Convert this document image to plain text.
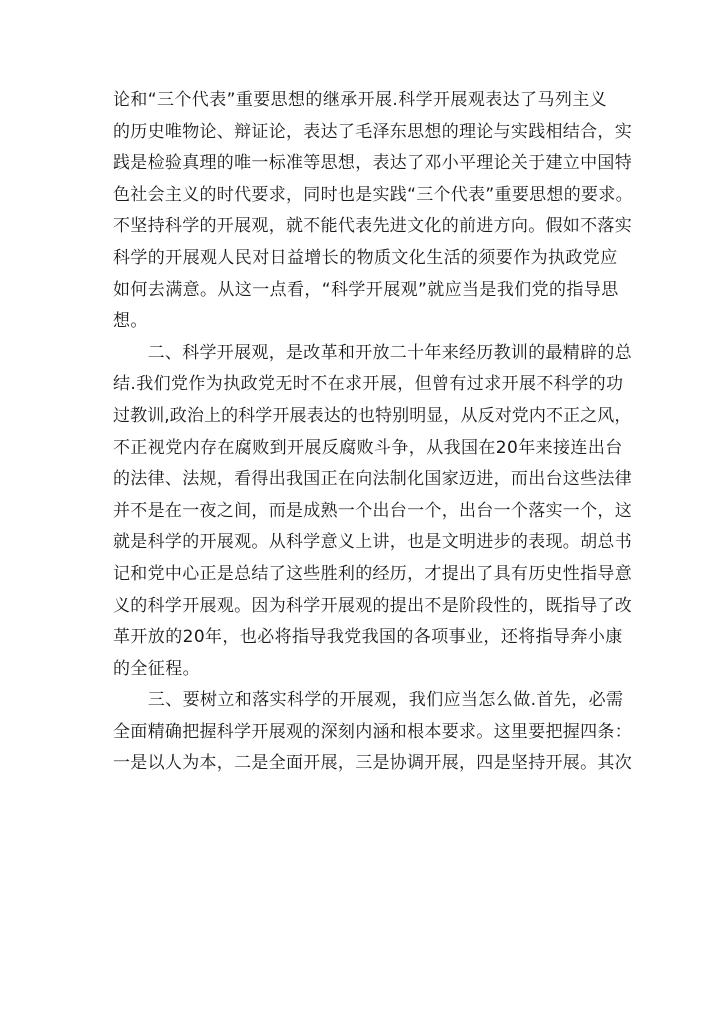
论和“三个代表”重要思想的继承开展.科学开展观表达了马列主义
的历史唯物论、辩证论，表达了毛泽东思想的理论与实践相结合，实
践是检验真理的唯一标准等思想，表达了邓小平理论关于建立中国特
色社会主义的时代要求，同时也是实践“三个代表”重要思想的要求。
不坚持科学的开展观，就不能代表先进文化的前进方向。假如不落实
科学的开展观人民对日益增长的物质文化生活的须要作为执政党应
如何去满意。从这一点看，“科学开展观”就应当是我们党的指导思
想。
　　二、科学开展观，是改革和开放二十年来经历教训的最精辟的总
结.我们党作为执政党无时不在求开展，但曾有过求开展不科学的功
过教训,政治上的科学开展表达的也特别明显，从反对党内不正之风，
不正视党内存在腐败到开展反腐败斗争，从我国在20年来接连出台
的法律、法规，看得出我国正在向法制化国家迈进，而出台这些法律
并不是在一夜之间，而是成熟一个出台一个，出台一个落实一个，这
就是科学的开展观。从科学意义上讲，也是文明进步的表现。胡总书
记和党中心正是总结了这些胜利的经历，才提出了具有历史性指导意
义的科学开展观。因为科学开展观的提出不是阶段性的，既指导了改
革开放的20年，也必将指导我党我国的各项事业，还将指导奔小康
的全征程。
　　三、要树立和落实科学的开展观，我们应当怎么做.首先，必需
全面精确把握科学开展观的深刻内涵和根本要求。这里要把握四条：
一是以人为本，二是全面开展，三是协调开展，四是坚持开展。其次
